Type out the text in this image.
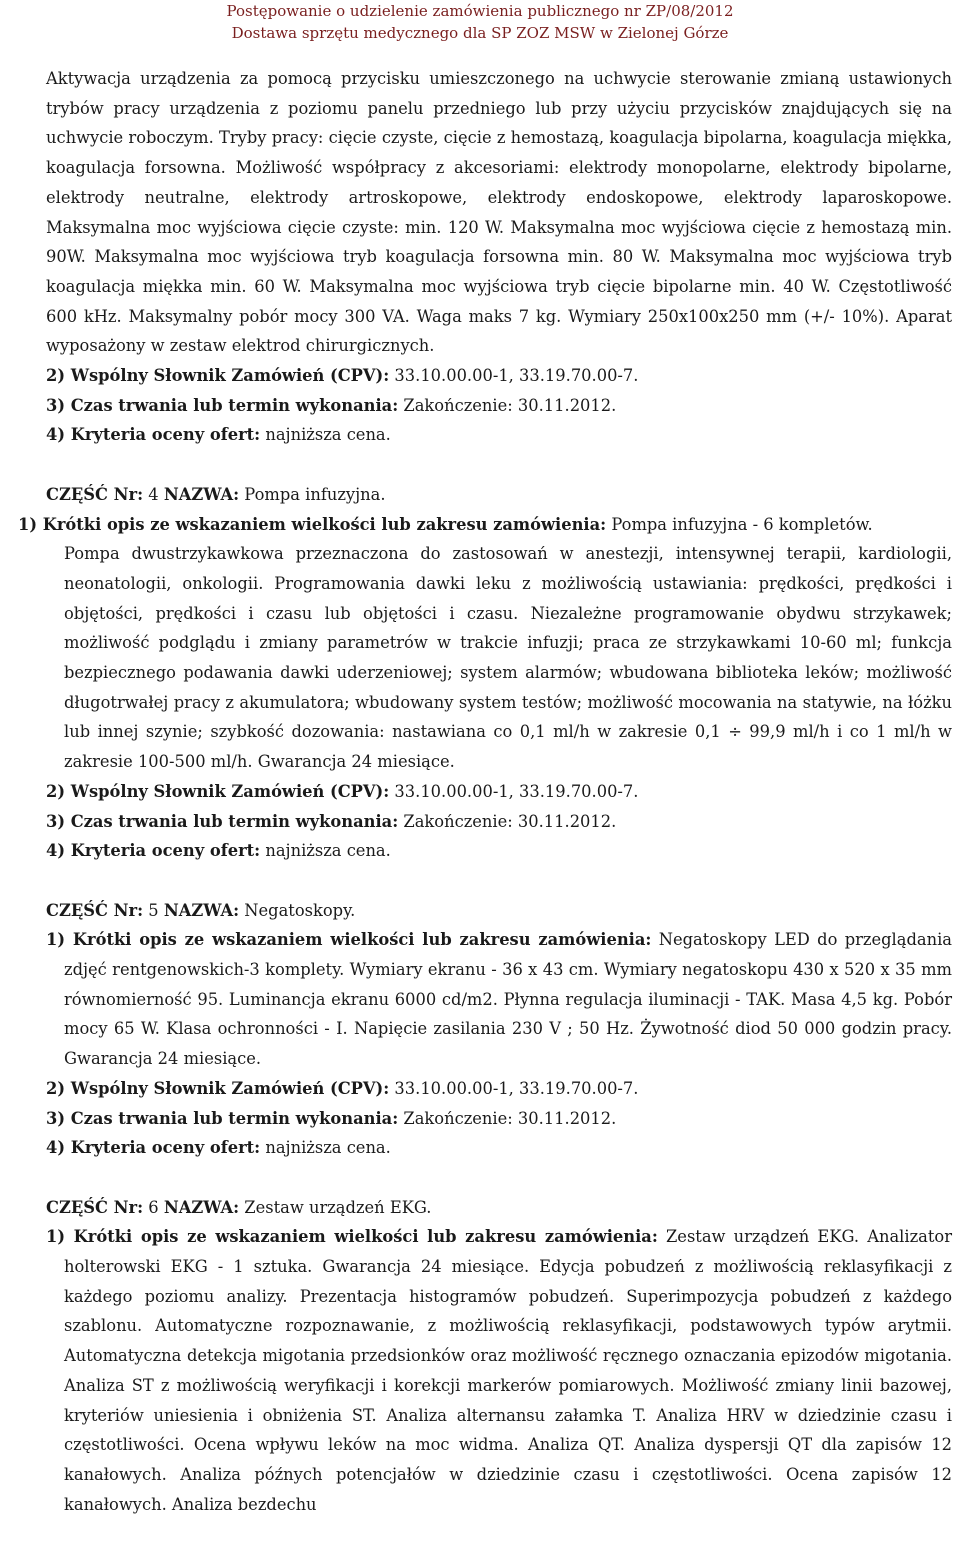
Postępowanie o udzielenie zamówienia publicznego nr ZP/08/2012
Dostawa sprzętu medycznego dla SP ZOZ MSW w Zielonej Górze

Aktywacja urządzenia za pomocą przycisku umieszczonego na uchwycie sterowanie zmianą ustawionych trybów pracy urządzenia z poziomu panelu przedniego lub przy użyciu przycisków znajdujących się na uchwycie roboczym. Tryby pracy: cięcie czyste, cięcie z hemostazą, koagulacja bipolarna, koagulacja miękka, koagulacja forsowna. Możliwość współpracy z akcesoriami: elektrody monopolarne, elektrody bipolarne, elektrody neutralne, elektrody artroskopowe, elektrody endoskopowe, elektrody laparoskopowe. Maksymalna moc wyjściowa cięcie czyste: min. 120 W. Maksymalna moc wyjściowa cięcie z hemostazą min. 90W. Maksymalna moc wyjściowa tryb koagulacja forsowna min. 80 W. Maksymalna moc wyjściowa tryb koagulacja miękka min. 60 W. Maksymalna moc wyjściowa tryb cięcie bipolarne min. 40 W. Częstotliwość 600 kHz. Maksymalny pobór mocy 300 VA. Waga maks 7 kg. Wymiary 250x100x250 mm (+/- 10%). Aparat wyposażony w zestaw elektrod chirurgicznych.

2) Wspólny Słownik Zamówień (CPV): 33.10.00.00-1, 33.19.70.00-7.

3) Czas trwania lub termin wykonania: Zakończenie: 30.11.2012.

4) Kryteria oceny ofert: najniższa cena.

CZĘŚĆ Nr: 4 NAZWA: Pompa infuzyjna.

1) Krótki opis ze wskazaniem wielkości lub zakresu zamówienia: Pompa infuzyjna - 6 kompletów.

Pompa dwustrzykawkowa przeznaczona do zastosowań w anestezji, intensywnej terapii, kardiologii, neonatologii, onkologii. Programowania dawki leku z możliwością ustawiania: prędkości, prędkości i objętości, prędkości i czasu lub objętości i czasu. Niezależne programowanie obydwu strzykawek; możliwość podglądu i zmiany parametrów w trakcie infuzji; praca ze strzykawkami 10-60 ml; funkcja bezpiecznego podawania dawki uderzeniowej; system alarmów; wbudowana biblioteka leków; możliwość długotrwałej pracy z akumulatora; wbudowany system testów; możliwość mocowania na statywie, na łóżku lub innej szynie; szybkość dozowania: nastawiana co 0,1 ml/h w zakresie 0,1 ÷ 99,9 ml/h i co 1 ml/h w zakresie 100-500 ml/h. Gwarancja 24 miesiące.

2) Wspólny Słownik Zamówień (CPV): 33.10.00.00-1, 33.19.70.00-7.

3) Czas trwania lub termin wykonania: Zakończenie: 30.11.2012.

4) Kryteria oceny ofert: najniższa cena.

CZĘŚĆ Nr: 5 NAZWA: Negatoskopy.

1) Krótki opis ze wskazaniem wielkości lub zakresu zamówienia: Negatoskopy LED do przeglądania zdjęć rentgenowskich-3 komplety. Wymiary ekranu - 36 x 43 cm. Wymiary negatoskopu 430 x 520 x 35 mm równomierność 95. Luminancja ekranu 6000 cd/m2. Płynna regulacja iluminacji - TAK. Masa 4,5 kg. Pobór mocy 65 W. Klasa ochronności - I. Napięcie zasilania 230 V ; 50 Hz. Żywotność diod 50 000 godzin pracy. Gwarancja 24 miesiące.

2) Wspólny Słownik Zamówień (CPV): 33.10.00.00-1, 33.19.70.00-7.

3) Czas trwania lub termin wykonania: Zakończenie: 30.11.2012.

4) Kryteria oceny ofert: najniższa cena.

CZĘŚĆ Nr: 6 NAZWA: Zestaw urządzeń EKG.

1) Krótki opis ze wskazaniem wielkości lub zakresu zamówienia: Zestaw urządzeń EKG. Analizator holterowski EKG - 1 sztuka. Gwarancja 24 miesiące. Edycja pobudzeń z możliwością reklasyfikacji z każdego poziomu analizy. Prezentacja histogramów pobudzeń. Superimpozycja pobudzeń z każdego szablonu. Automatyczne rozpoznawanie, z możliwością reklasyfikacji, podstawowych typów arytmii. Automatyczna detekcja migotania przedsionków oraz możliwość ręcznego oznaczania epizodów migotania. Analiza ST z możliwością weryfikacji i korekcji markerów pomiarowych. Możliwość zmiany linii bazowej, kryteriów uniesienia i obniżenia ST. Analiza alternansu załamka T. Analiza HRV w dziedzinie czasu i częstotliwości. Ocena wpływu leków na moc widma. Analiza QT. Analiza dyspersji QT dla zapisów 12 kanałowych. Analiza późnych potencjałów w dziedzinie czasu i częstotliwości. Ocena zapisów 12 kanałowych. Analiza bezdechu
